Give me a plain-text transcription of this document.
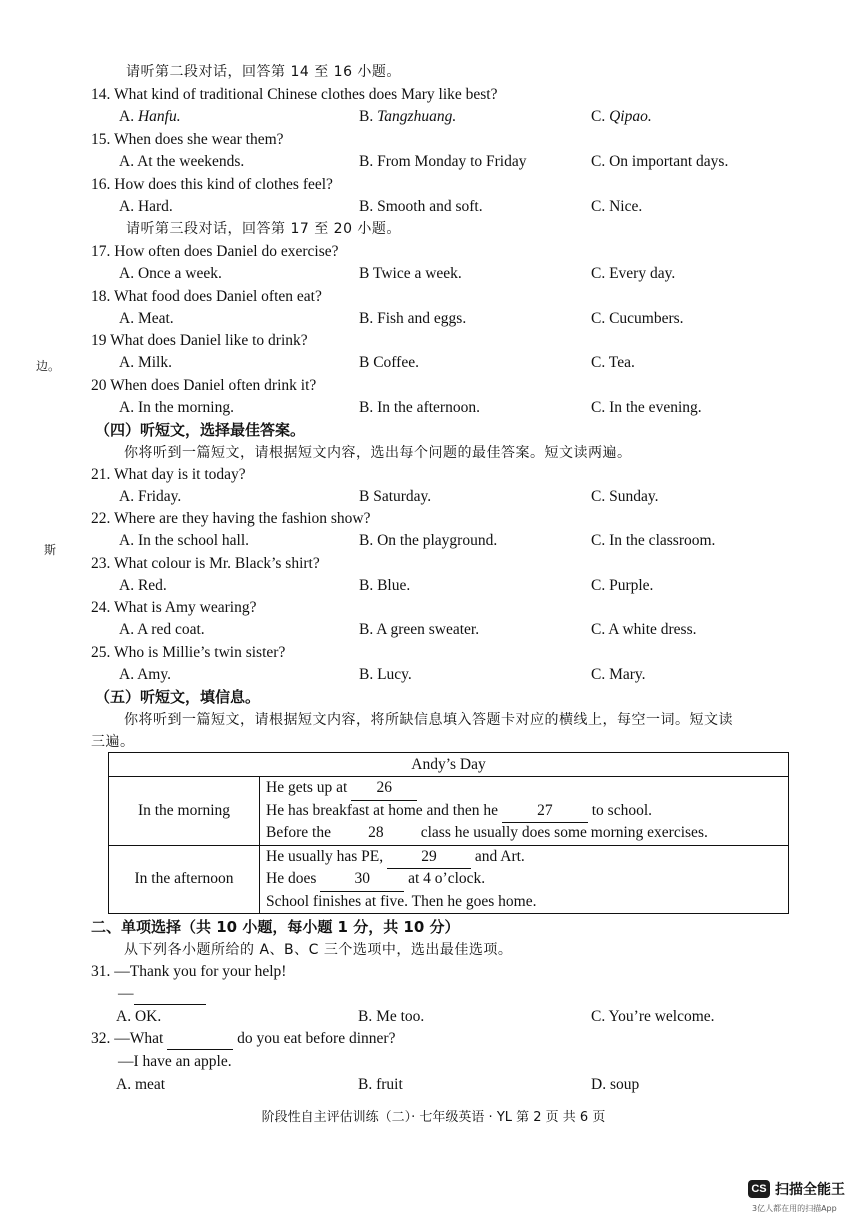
请听第二段对话，回答第 14 至 16 小题。
14. What kind of traditional Chinese clothes does Mary like best?
A. Hanfu.	B. Tangzhuang.	C. Qipao.
15. When does she wear them?
A. At the weekends.	B. From Monday to Friday	C. On important days.
16. How does this kind of clothes feel?
A. Hard.	B. Smooth and soft.	C. Nice.
请听第三段对话，回答第 17 至 20 小题。
17. How often does Daniel do exercise?
A. Once a week.	B Twice a week.	C. Every day.
18. What food does Daniel often eat?
A. Meat.	B. Fish and eggs.	C. Cucumbers.
19 What does Daniel like to drink?
A. Milk.	B Coffee.	C. Tea.
20 When does Daniel often drink it?
A. In the morning.	B. In the afternoon.	C. In the evening.
（四）听短文，选择最佳答案。
你将听到一篇短文，请根据短文内容，选出每个问题的最佳答案。短文读两遍。
21. What day is it today?
A. Friday.	B Saturday.	C. Sunday.
22. Where are they having the fashion show?
A. In the school hall.	B. On the playground.	C. In the classroom.
23. What colour is Mr. Black’s shirt?
A. Red.	B. Blue.	C. Purple.
24. What is Amy wearing?
A. A red coat.	B. A green sweater.	C. A white dress.
25. Who is Millie’s twin sister?
A. Amy.	B. Lucy.	C. Mary.
（五）听短文，填信息。
你将听到一篇短文，请根据短文内容，将所缺信息填入答题卡对应的横线上，每空一词。短文读
三遍。
Andy’s Day	
In the morning	He gets up at 26
He has breakfast at home and then he 27 to school.
Before the 28 class he usually does some morning exercises.

In the afternoon	He usually has PE, 29 and Art.
He does 30 at 4 o’clock.
School finishes at five. Then he goes home.
二、单项选择（共 10 小题，每小题 1 分，共 10 分）
从下列各小题所给的 A、B、C 三个选项中，选出最佳选项。
31. —Thank you for your help!
—
A. OK.	B. Me too.	C. You’re welcome.
32. —What	do you eat before dinner?
—I have an apple.
A. meat	B. fruit	D. soup
阶段性自主评估训练（二）· 七年级英语 · YL 第 2 页 共 6 页
边。
斯
CS 扫描全能王
3亿人都在用的扫描App
